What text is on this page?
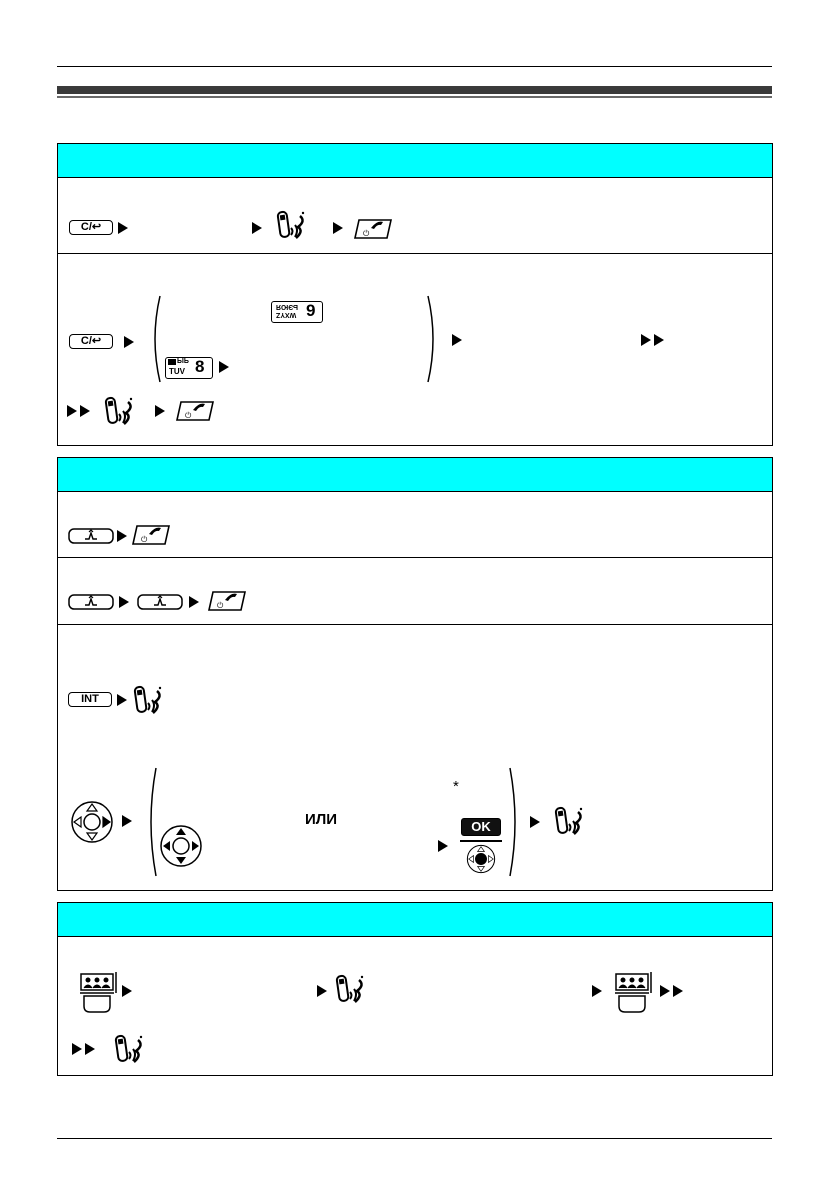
C/↩
C/↩
ЬЭЮЯ
WXYZ 9
ЫЬ
TUV 8
INT
ИЛИ
*
OK
